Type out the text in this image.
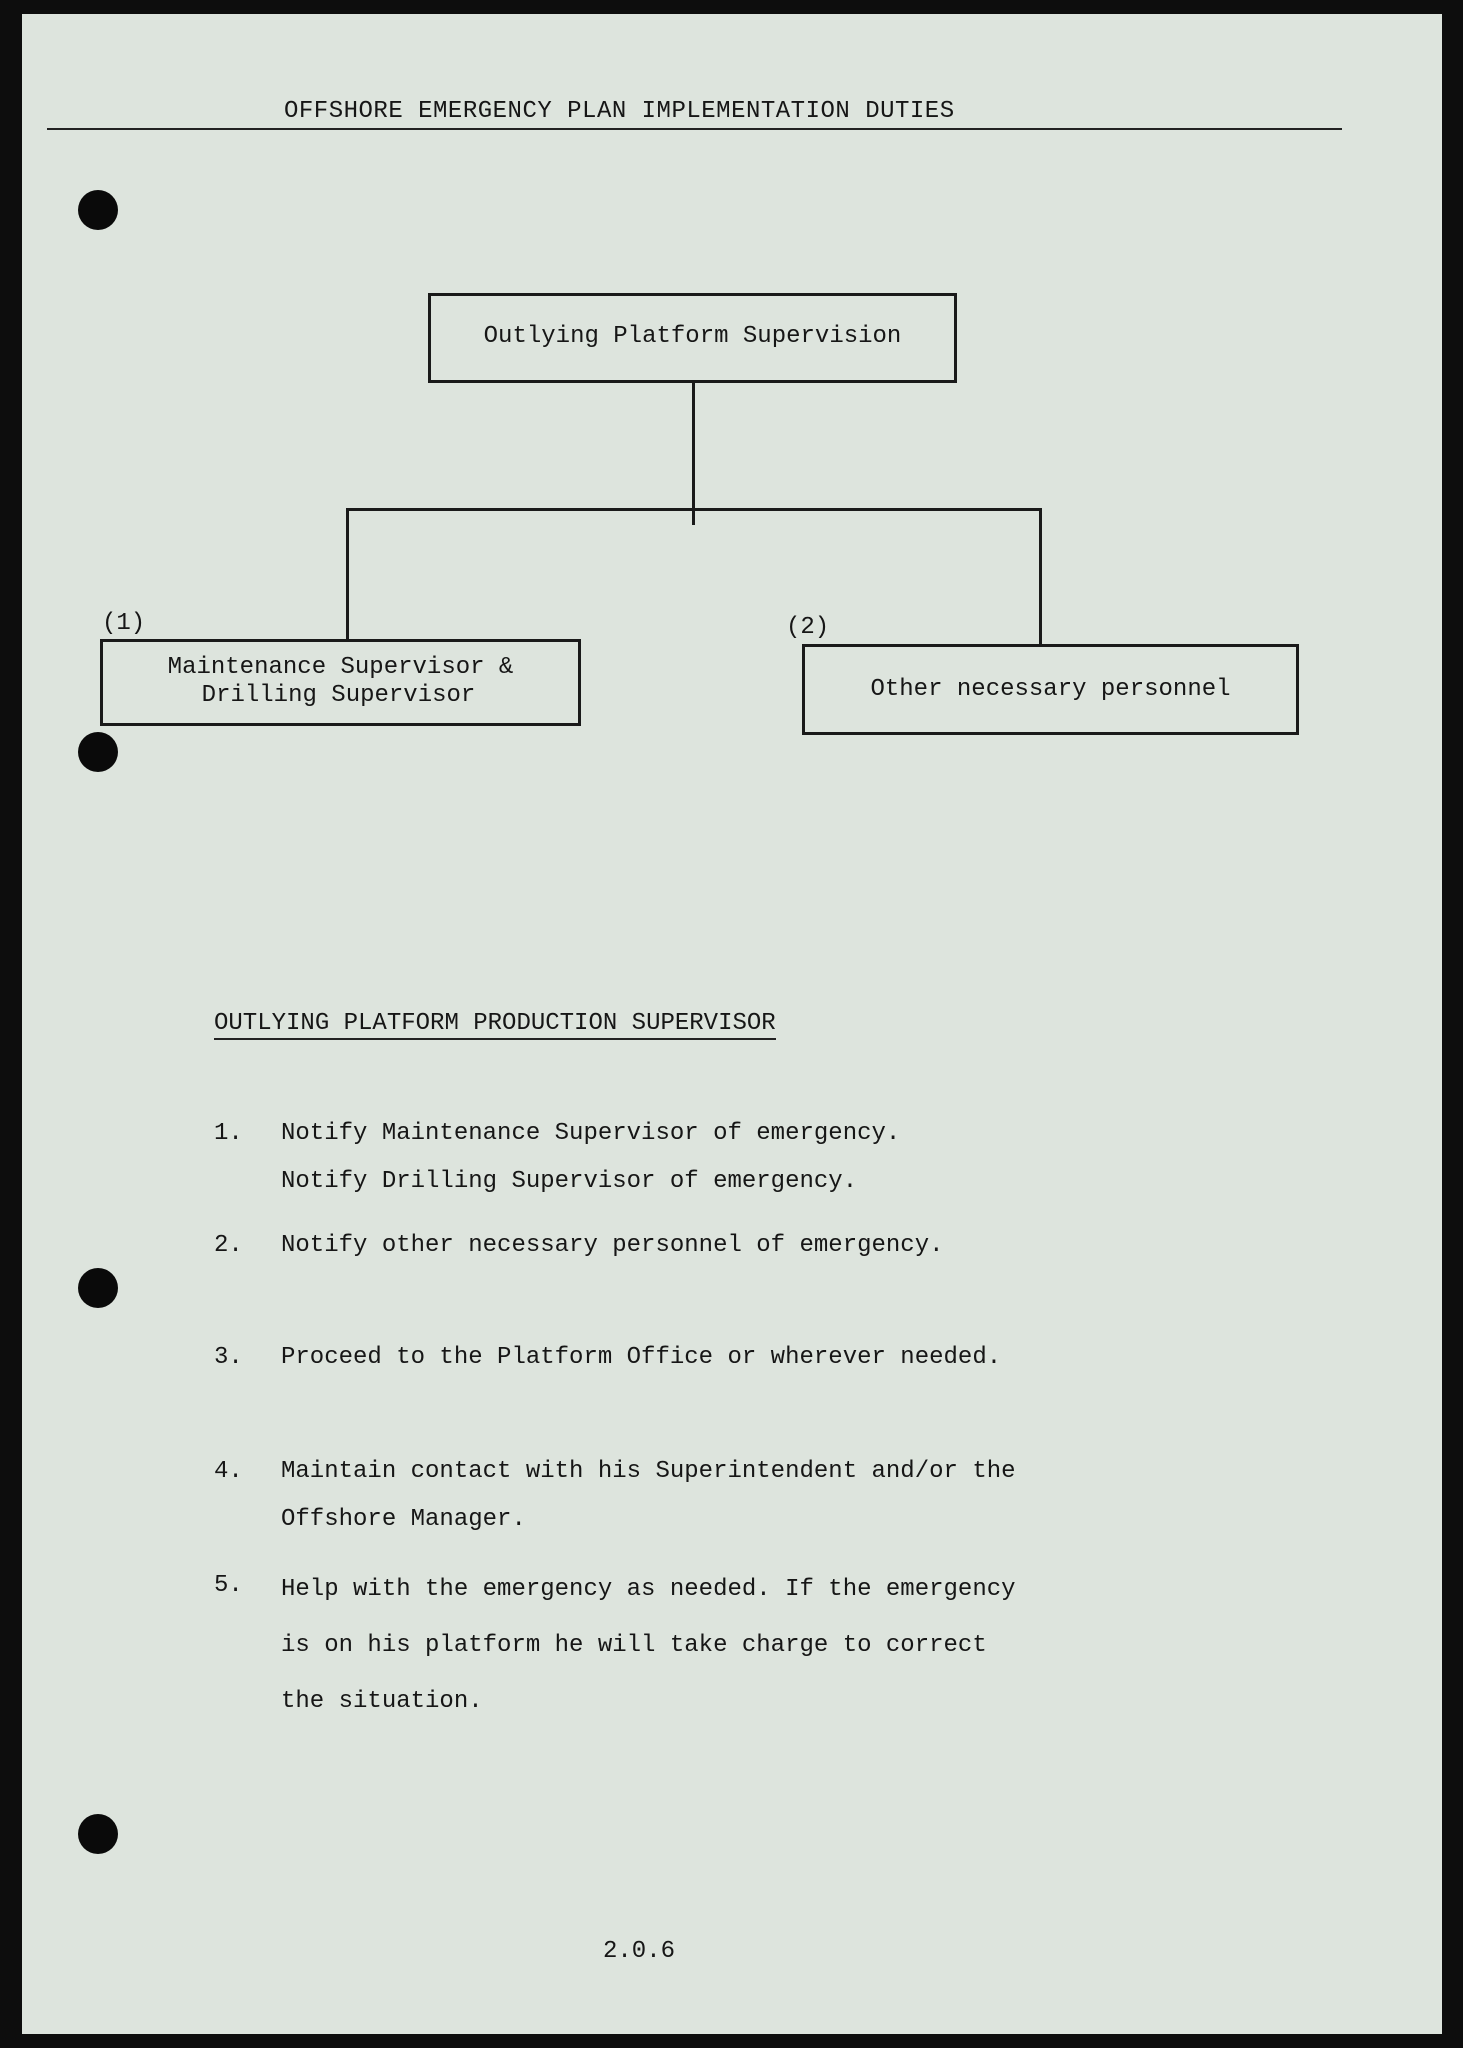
OFFSHORE EMERGENCY PLAN IMPLEMENTATION DUTIES
Outlying Platform Supervision
(1)
Maintenance Supervisor &
Drilling Supervisor
(2)
Other necessary personnel
OUTLYING PLATFORM PRODUCTION SUPERVISOR
1. Notify Maintenance Supervisor of emergency.
Notify Drilling Supervisor of emergency.
2. Notify other necessary personnel of emergency.
3. Proceed to the Platform Office or wherever needed.
4. Maintain contact with his Superintendent and/or the
Offshore Manager.
5. Help with the emergency as needed. If the emergency
is on his platform he will take charge to correct
the situation.
2.0.6
